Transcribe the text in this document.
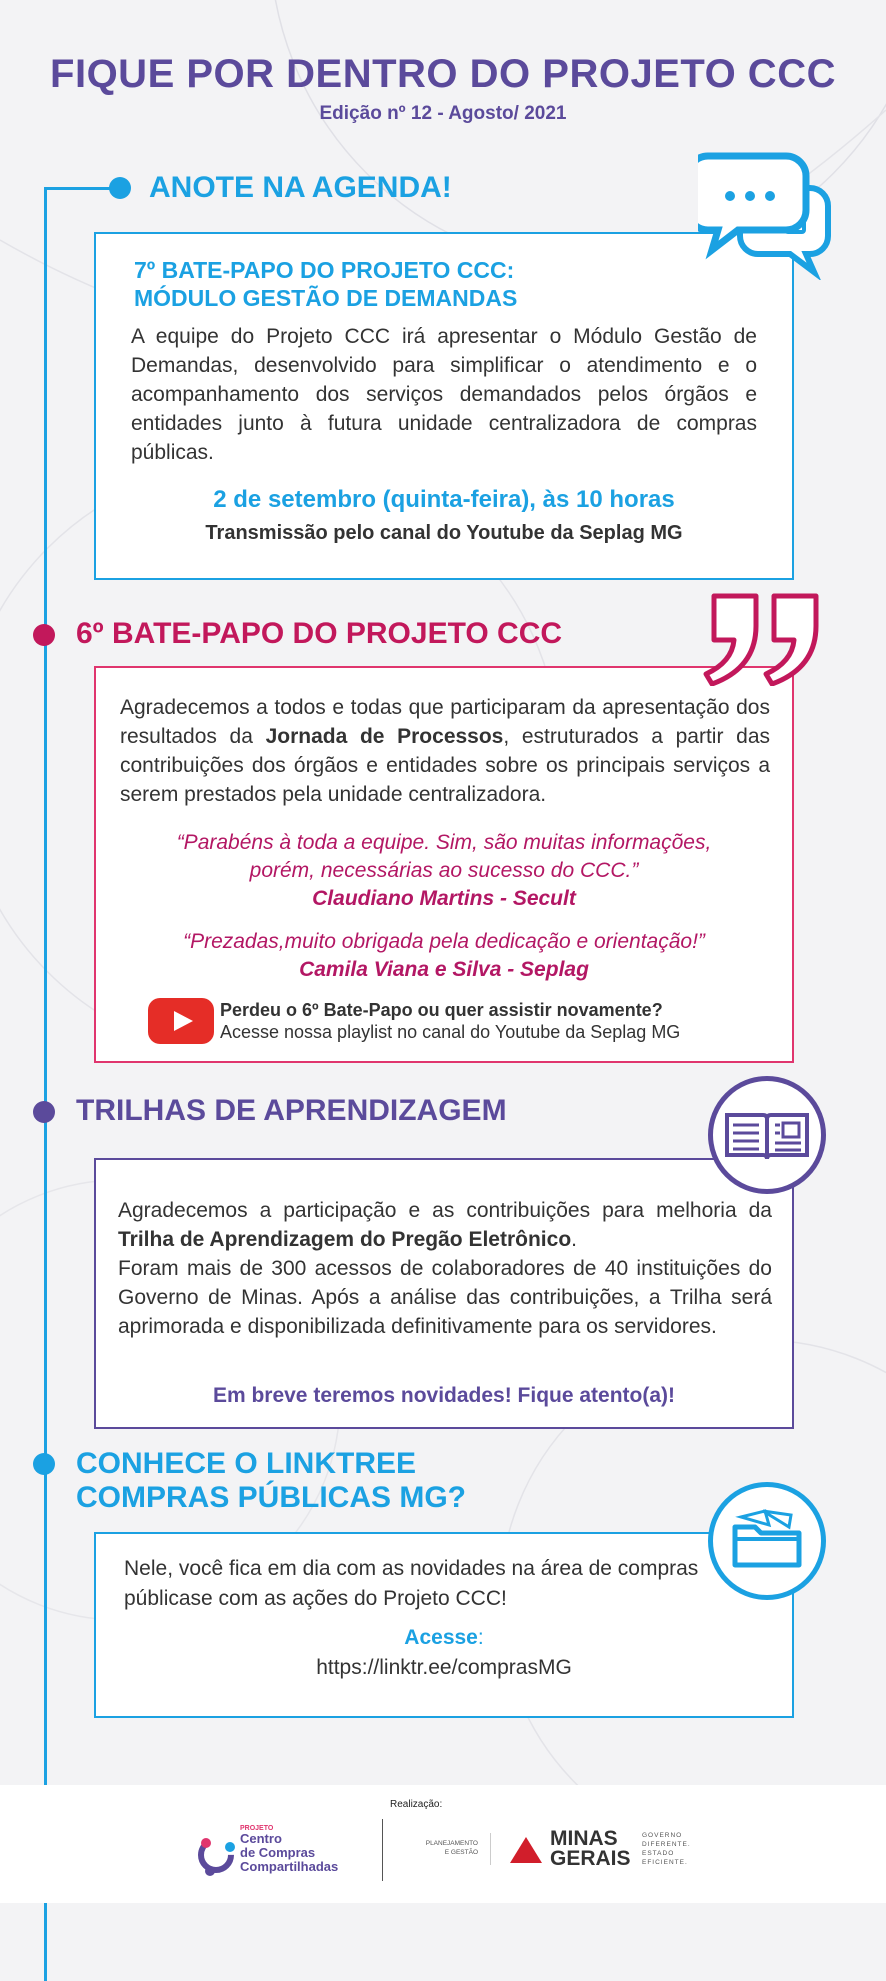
FIQUE POR DENTRO DO PROJETO CCC
Edição nº 12 - Agosto/ 2021
ANOTE NA AGENDA!
7º BATE-PAPO DO PROJETO CCC:
MÓDULO GESTÃO DE DEMANDAS
A equipe do Projeto CCC irá apresentar o Módulo Gestão de Demandas, desenvolvido para simplificar o atendimento e o acompanhamento dos serviços demandados pelos órgãos e entidades junto à futura unidade centralizadora de compras públicas.
2 de setembro (quinta-feira), às 10 horas
Transmissão pelo canal do Youtube da Seplag MG
6º BATE-PAPO DO PROJETO CCC
Agradecemos a todos e todas que participaram da apresentação dos resultados da Jornada de Processos, estruturados a partir das contribuições dos órgãos e entidades sobre os principais serviços a serem prestados pela unidade centralizadora.
“Parabéns à toda a equipe. Sim, são muitas informações,
porém, necessárias ao sucesso do CCC.”
Claudiano Martins - Secult
“Prezadas,muito obrigada pela dedicação e orientação!”
Camila Viana e Silva - Seplag
Perdeu o 6º Bate-Papo ou quer assistir novamente?
Acesse nossa playlist no canal do Youtube da Seplag MG
TRILHAS DE APRENDIZAGEM
Agradecemos a participação e as contribuições para melhoria da Trilha de Aprendizagem do Pregão Eletrônico.
Foram mais de 300 acessos de colaboradores de 40 instituições do Governo de Minas. Após a análise das contribuições, a Trilha será aprimorada e disponibilizada definitivamente para os servidores.
Em breve teremos novidades! Fique atento(a)!
CONHECE O LINKTREE
COMPRAS PÚBLICAS MG?
Nele, você fica em dia com as novidades na área de compras públicase com as ações do Projeto CCC!
Acesse:
https://linktr.ee/comprasMG
PROJETO
Centro
de Compras
Compartilhadas
Realização:
PLANEJAMENTO
E GESTÃO
MINAS
GERAIS
GOVERNO
DIFERENTE.
ESTADO
EFICIENTE.
